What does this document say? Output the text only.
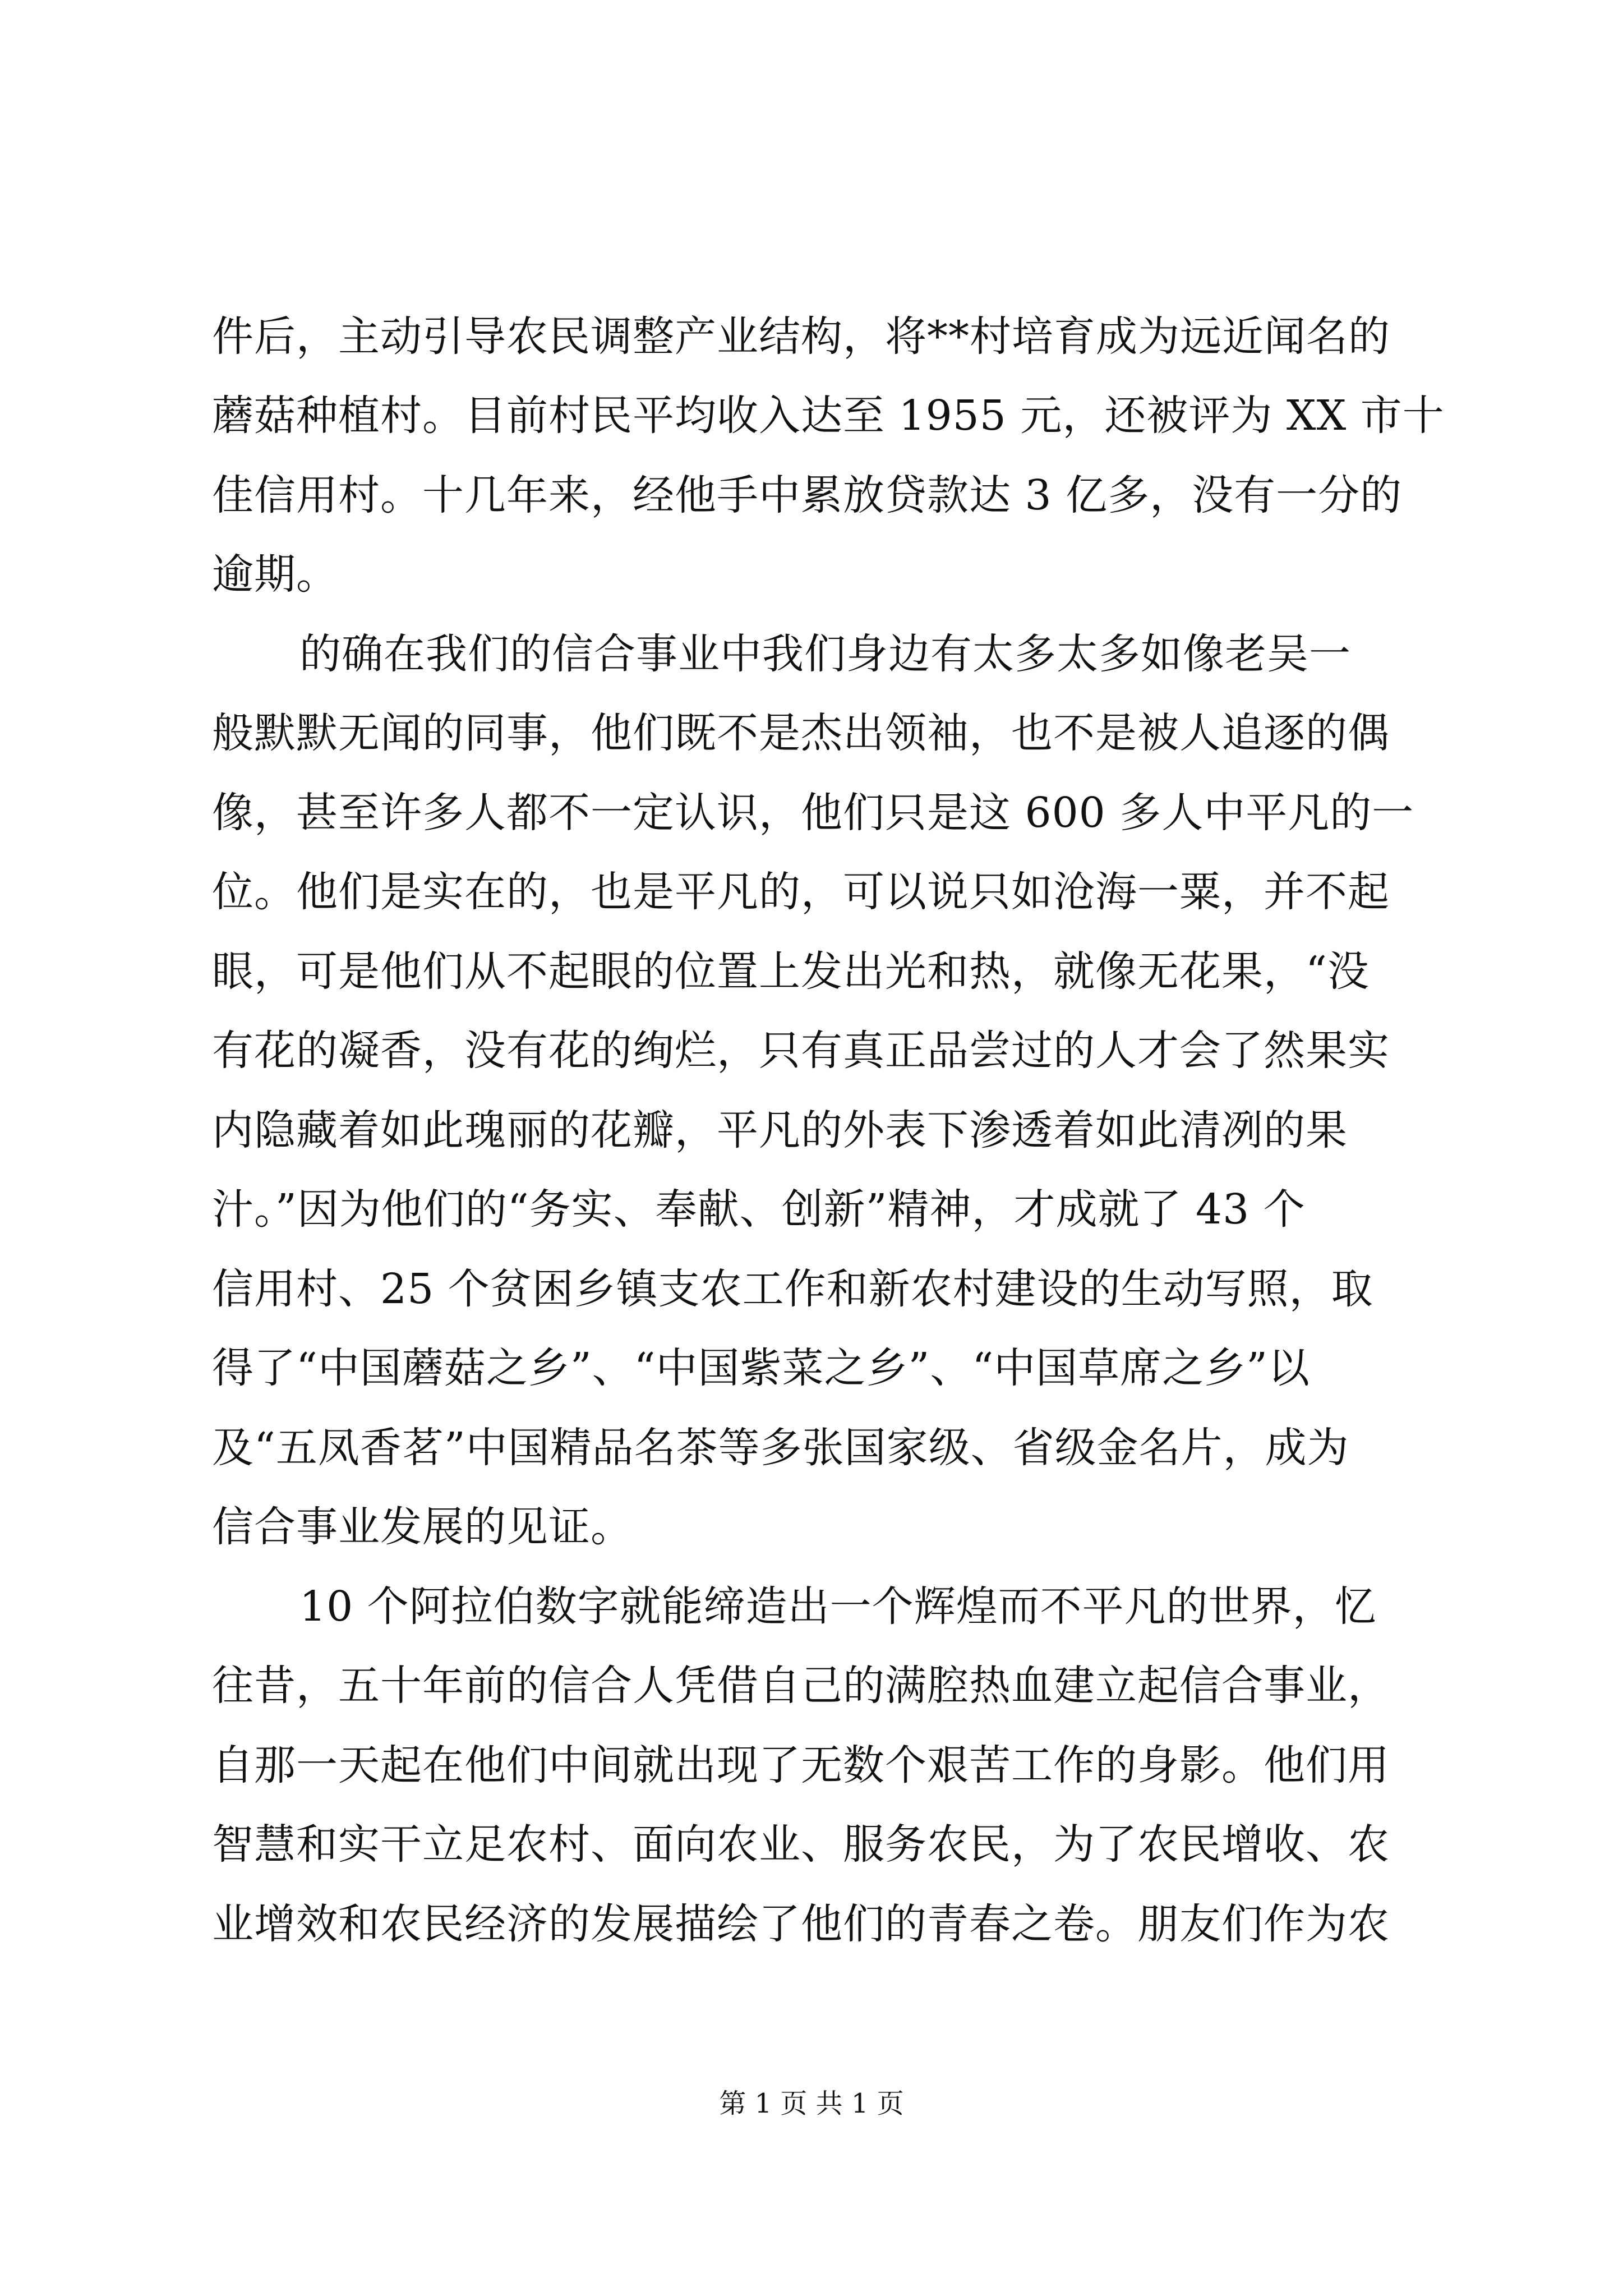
件后，主动引导农民调整产业结构，将**村培育成为远近闻名的
蘑菇种植村。目前村民平均收入达至 1955 元，还被评为 XX 市十
佳信用村。十几年来，经他手中累放贷款达 3 亿多，没有一分的
逾期。
的确在我们的信合事业中我们身边有太多太多如像老吴一
般默默无闻的同事，他们既不是杰出领袖，也不是被人追逐的偶
像，甚至许多人都不一定认识，他们只是这 600 多人中平凡的一
位。他们是实在的，也是平凡的，可以说只如沧海一粟，并不起
眼，可是他们从不起眼的位置上发出光和热，就像无花果，“没
有花的凝香，没有花的绚烂，只有真正品尝过的人才会了然果实
内隐藏着如此瑰丽的花瓣，平凡的外表下渗透着如此清冽的果
汁。”因为他们的“务实、奉献、创新”精神，才成就了 43 个
信用村、25 个贫困乡镇支农工作和新农村建设的生动写照，取
得了“中国蘑菇之乡”、“中国紫菜之乡”、“中国草席之乡”以
及“五凤香茗”中国精品名茶等多张国家级、省级金名片，成为
信合事业发展的见证。
10 个阿拉伯数字就能缔造出一个辉煌而不平凡的世界，忆
往昔，五十年前的信合人凭借自己的满腔热血建立起信合事业，
自那一天起在他们中间就出现了无数个艰苦工作的身影。他们用
智慧和实干立足农村、面向农业、服务农民，为了农民增收、农
业增效和农民经济的发展描绘了他们的青春之卷。朋友们作为农
第 1 页 共 1 页
